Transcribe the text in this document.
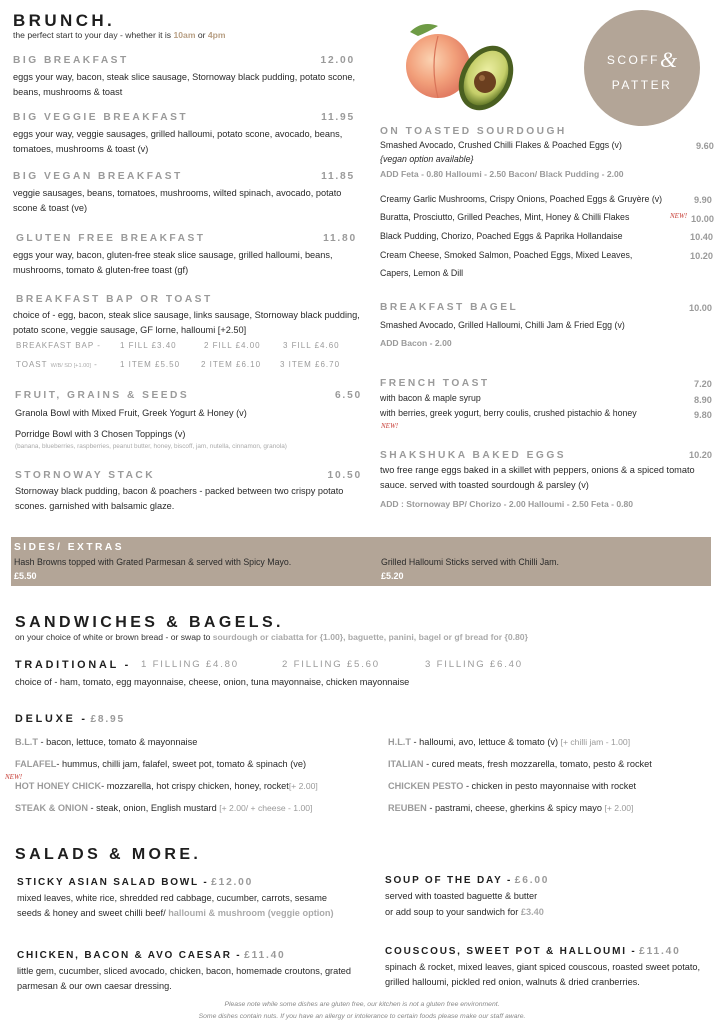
BRUNCH.
the perfect start to your day - whether it is 10am or 4pm
BIG BREAKFAST	12.00
eggs your way, bacon, steak slice sausage, Stornoway black pudding, potato scone, beans, mushrooms & toast
BIG VEGGIE BREAKFAST	11.95
eggs your way, veggie sausages, grilled halloumi, potato scone, avocado, beans, tomatoes, mushrooms & toast (v)
BIG VEGAN BREAKFAST	11.85
veggie sausages, beans, tomatoes, mushrooms, wilted spinach, avocado, potato scone & toast (ve)
GLUTEN FREE BREAKFAST	11.80
eggs your way, bacon, gluten-free steak slice sausage, grilled halloumi, beans, mushrooms, tomato & gluten-free toast (gf)
BREAKFAST BAP OR TOAST
choice of - egg, bacon, steak slice sausage, links sausage, Stornoway black pudding, potato scone, veggie sausage, GF lorne, halloumi [+2.50]
BREAKFAST BAP - 1 FILL £3.40	2 FILL £4.00	3 FILL £4.60
TOAST W/B/ SD [+1.00] -	1 ITEM £5.50	2 ITEM £6.10 3 ITEM £6.70
FRUIT, GRAINS & SEEDS	6.50
Granola Bowl with Mixed Fruit, Greek Yogurt & Honey (v)
Porridge Bowl with 3 Chosen Toppings (v)
(banana, blueberries, raspberries, peanut butter, honey, biscoff, jam, nutella, cinnamon, granola)
STORNOWAY STACK	10.50
Stornoway black pudding, bacon & poachers - packed between two crispy potato scones. garnished with balsamic glaze.
SCOFF&
PATTER
ON TOASTED SOURDOUGH
Smashed Avocado, Crushed Chilli Flakes & Poached Eggs (v)	9.60
{vegan option available}
ADD Feta - 0.80 Halloumi - 2.50 Bacon/ Black Pudding - 2.00
Creamy Garlic Mushrooms, Crispy Onions, Poached Eggs & Gruyère (v)	9.90
Buratta, Prosciutto, Grilled Peaches, Mint, Honey & Chilli Flakes	NEW! 10.00
Black Pudding, Chorizo, Poached Eggs & Paprika Hollandaise	10.40
Cream Cheese, Smoked Salmon, Poached Eggs, Mixed Leaves,	10.20
Capers, Lemon & Dill
BREAKFAST BAGEL	10.00
Smashed Avocado, Grilled Halloumi, Chilli Jam & Fried Egg (v)
ADD Bacon - 2.00
FRENCH TOAST	7.20
with bacon & maple syrup	8.90
with berries, greek yogurt, berry coulis, crushed pistachio & honey	9.80
NEW!
SHAKSHUKA BAKED EGGS	10.20
two free range eggs baked in a skillet with peppers, onions & a spiced tomato sauce. served with toasted sourdough & parsley (v)
ADD : Stornoway BP/ Chorizo - 2.00 Halloumi - 2.50 Feta - 0.80
SIDES/ EXTRAS
Hash Browns topped with Grated Parmesan & served with Spicy Mayo.
£5.50
Grilled Halloumi Sticks served with Chilli Jam.
£5.20
SANDWICHES & BAGELS.
on your choice of white or brown bread - or swap to sourdough or ciabatta for {1.00}, baguette, panini, bagel or gf bread for {0.80}
TRADITIONAL - 1 FILLING £4.80	2 FILLING £5.60	3 FILLING £6.40
choice of - ham, tomato, egg mayonnaise, cheese, onion, tuna mayonnaise, chicken mayonnaise
DELUXE - £8.95
B.L.T - bacon, lettuce, tomato & mayonnaise
FALAFEL- hummus, chilli jam, falafel, sweet pot, tomato & spinach (ve)
NEW!
HOT HONEY CHICK- mozzarella, hot crispy chicken, honey, rocket[+ 2.00]
STEAK & ONION - steak, onion, English mustard [+ 2.00/ + cheese - 1.00]
H.L.T - halloumi, avo, lettuce & tomato (v) [+ chilli jam - 1.00]
ITALIAN - cured meats, fresh mozzarella, tomato, pesto & rocket
CHICKEN PESTO - chicken in pesto mayonnaise with rocket
REUBEN - pastrami, cheese, gherkins & spicy mayo [+ 2.00]
SALADS & MORE.
STICKY ASIAN SALAD BOWL - £12.00
mixed leaves, white rice, shredded red cabbage, cucumber, carrots, sesame seeds & honey and sweet chilli beef/ halloumi & mushroom (veggie option)
CHICKEN, BACON & AVO CAESAR - £11.40
little gem, cucumber, sliced avocado, chicken, bacon, homemade croutons, grated parmesan & our own caesar dressing.
SOUP OF THE DAY - £6.00
served with toasted baguette & butter
or add soup to your sandwich for £3.40
COUSCOUS, SWEET POT & HALLOUMI - £11.40
spinach & rocket, mixed leaves, giant spiced couscous, roasted sweet potato, grilled halloumi, pickled red onion, walnuts & dried cranberries.
Please note while some dishes are gluten free, our kitchen is not a gluten free environment.
Some dishes contain nuts. If you have an allergy or intolerance to certain foods please make our staff aware.
